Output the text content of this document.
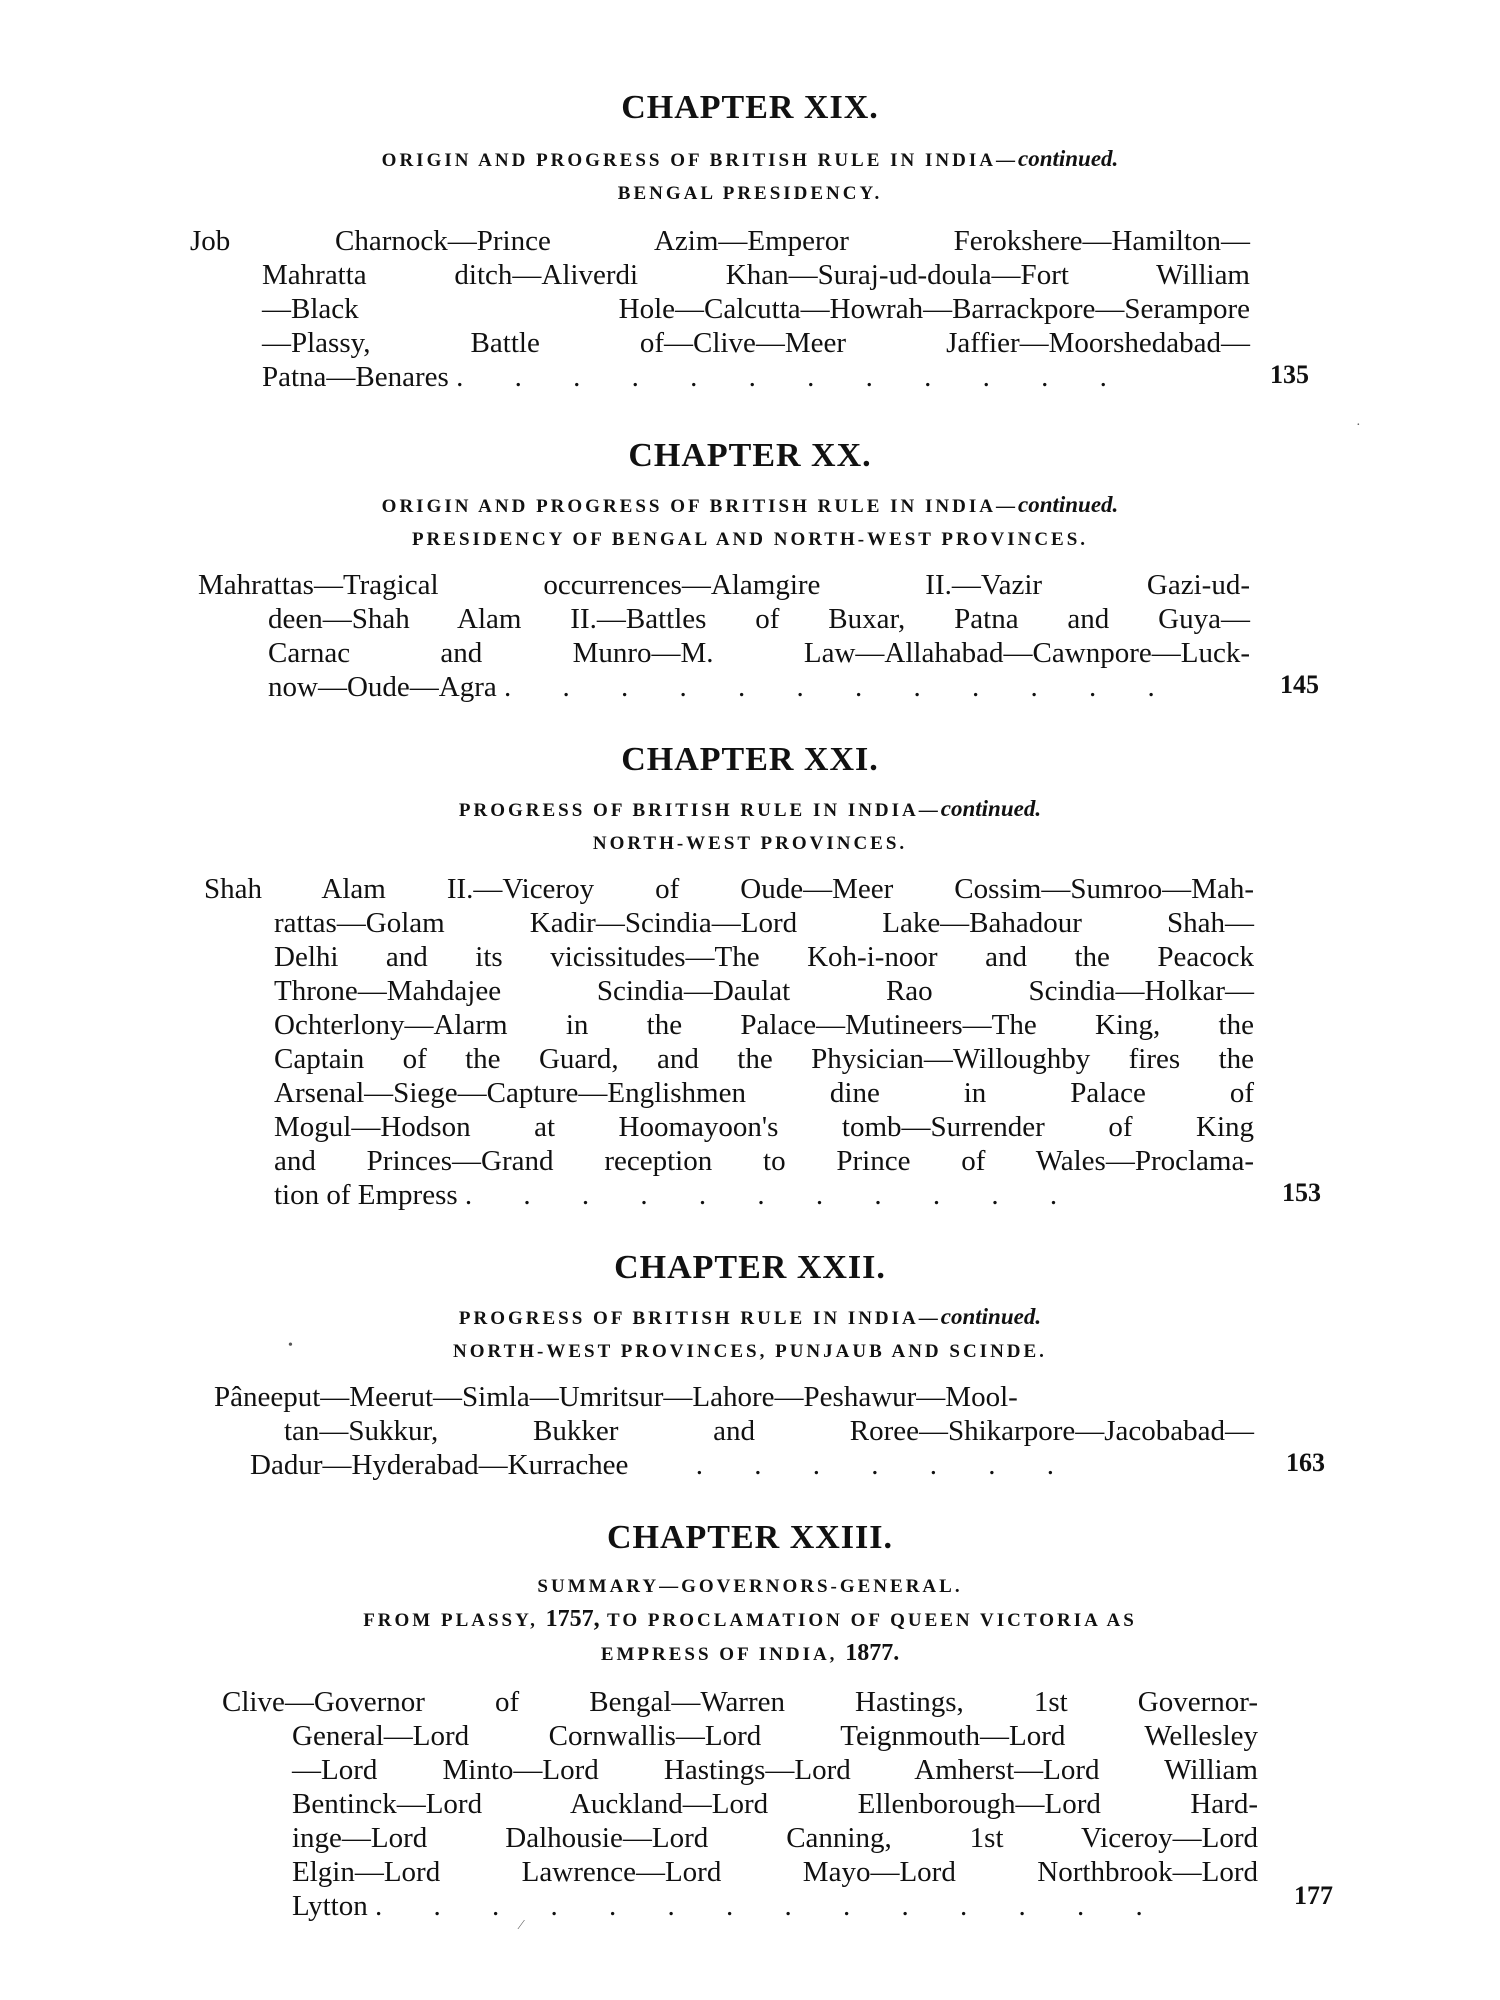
CHAPTER XIX.

ORIGIN AND PROGRESS OF BRITISH RULE IN INDIA—continued.

BENGAL PRESIDENCY.

Job Charnock—Prince Azim—Emperor Ferokshere—Hamilton—
Mahratta ditch—Aliverdi Khan—Suraj-ud-doula—Fort William
—Black Hole—Calcutta—Howrah—Barrackpore—Serampore
—Plassy, Battle of—Clive—Meer Jaffier—Moorshedabad—
Patna—Benares . . . . . . . . . . . .	135
CHAPTER XX.

ORIGIN AND PROGRESS OF BRITISH RULE IN INDIA—continued.

PRESIDENCY OF BENGAL AND NORTH-WEST PROVINCES.

Mahrattas—Tragical occurrences—Alamgire II.—Vazir Gazi-ud-
deen—Shah Alam II.—Battles of Buxar, Patna and Guya—
Carnac and Munro—M. Law—Allahabad—Cawnpore—Luck-
now—Oude—Agra . . . . . . . . . . . .	145
CHAPTER XXI.

PROGRESS OF BRITISH RULE IN INDIA—continued.

NORTH-WEST PROVINCES.

Shah Alam II.—Viceroy of Oude—Meer Cossim—Sumroo—Mah-
rattas—Golam Kadir—Scindia—Lord Lake—Bahadour Shah—
Delhi and its vicissitudes—The Koh-i-noor and the Peacock
Throne—Mahdajee Scindia—Daulat Rao Scindia—Holkar—
Ochterlony—Alarm in the Palace—Mutineers—The King, the
Captain of the Guard, and the Physician—Willoughby fires the
Arsenal—Siege—Capture—Englishmen dine in Palace of
Mogul—Hodson at Hoomayoon's tomb—Surrender of King
and Princes—Grand reception to Prince of Wales—Proclama-
tion of Empress . . . . . . . . . . .	153
CHAPTER XXII.

PROGRESS OF BRITISH RULE IN INDIA—continued.

NORTH-WEST PROVINCES, PUNJAUB AND SCINDE.

Pâneeput—Meerut—Simla—Umritsur—Lahore—Peshawur—Mool-
tan—Sukkur, Bukker and Roree—Shikarpore—Jacobabad—
Dadur—Hyderabad—Kurrachee . . . . . . .	163
CHAPTER XXIII.

SUMMARY—GOVERNORS-GENERAL.

FROM PLASSY, 1757, TO PROCLAMATION OF QUEEN VICTORIA AS

EMPRESS OF INDIA, 1877.

Clive—Governor of Bengal—Warren Hastings, 1st Governor-
General—Lord Cornwallis—Lord Teignmouth—Lord Wellesley
—Lord Minto—Lord Hastings—Lord Amherst—Lord William
Bentinck—Lord Auckland—Lord Ellenborough—Lord Hard-
inge—Lord Dalhousie—Lord Canning, 1st Viceroy—Lord
Elgin—Lord Lawrence—Lord Mayo—Lord Northbrook—Lord
Lytton . . . . . . . . . . . . . .	177
·
•
⁄
